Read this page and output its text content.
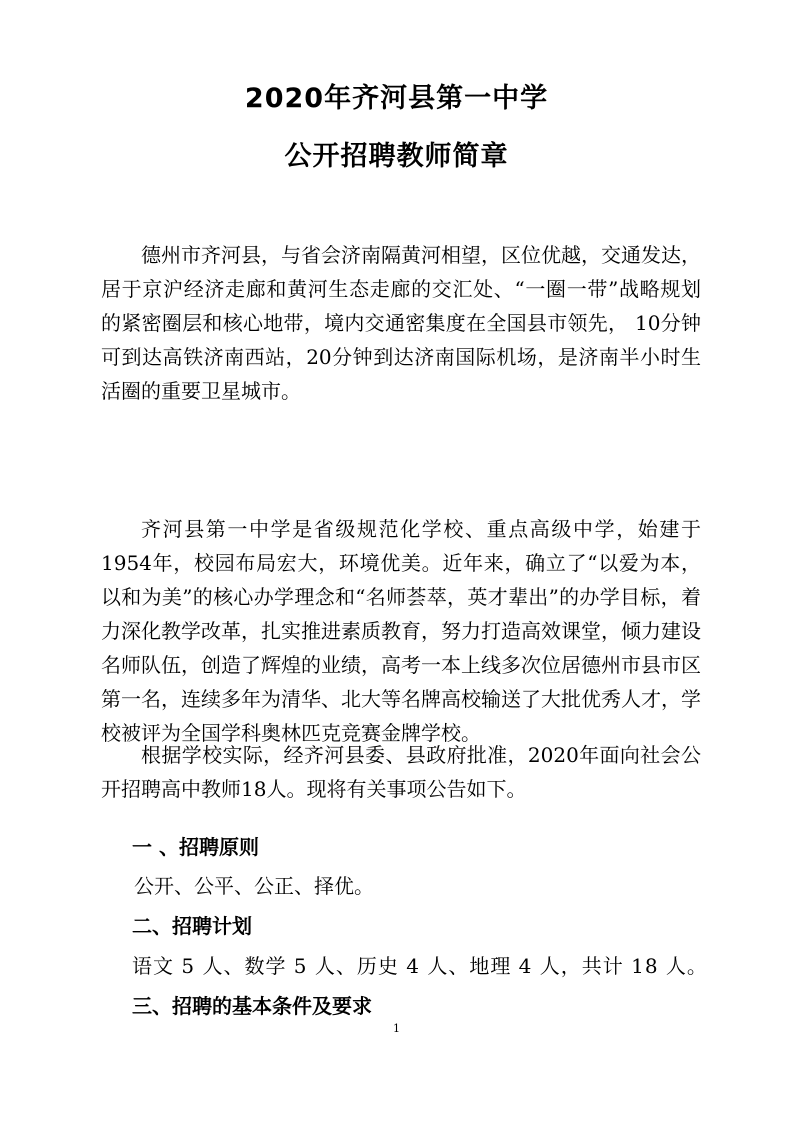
2020年齐河县第一中学
公开招聘教师简章

德州市齐河县，与省会济南隔黄河相望，区位优越，交通发达，居于京沪经济走廊和黄河生态走廊的交汇处、“一圈一带”战略规划的紧密圈层和核心地带，境内交通密集度在全国县市领先， 10分钟可到达高铁济南西站，20分钟到达济南国际机场，是济南半小时生活圈的重要卫星城市。

齐河县第一中学是省级规范化学校、重点高级中学，始建于1954年，校园布局宏大，环境优美。近年来，确立了“以爱为本，以和为美”的核心办学理念和“名师荟萃，英才辈出”的办学目标，着力深化教学改革，扎实推进素质教育，努力打造高效课堂，倾力建设名师队伍，创造了辉煌的业绩，高考一本上线多次位居德州市县市区第一名，连续多年为清华、北大等名牌高校输送了大批优秀人才，学校被评为全国学科奥林匹克竞赛金牌学校。

根据学校实际，经齐河县委、县政府批准，2020年面向社会公开招聘高中教师18人。现将有关事项公告如下。

一 、招聘原则
公开、公平、公正、择优。
二、招聘计划
语文 5 人、数学 5 人、历史 4 人、地理 4 人，共计 18 人。
三、招聘的基本条件及要求
1
